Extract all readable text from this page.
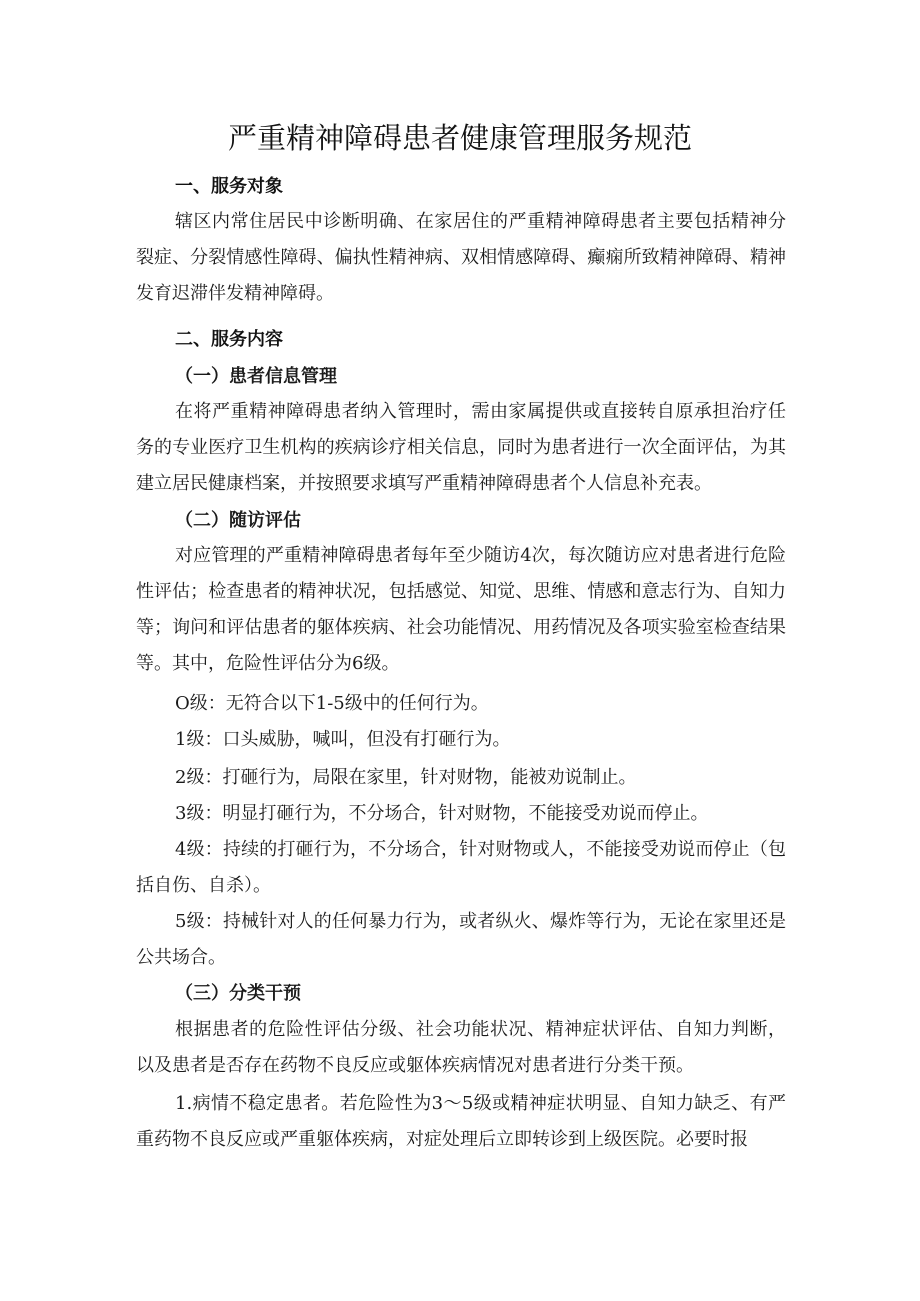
严重精神障碍患者健康管理服务规范
一、服务对象

辖区内常住居民中诊断明确、在家居住的严重精神障碍患者主要包括精神分裂症、分裂情感性障碍、偏执性精神病、双相情感障碍、癫痫所致精神障碍、精神发育迟滞伴发精神障碍。

二、服务内容
（一）患者信息管理

在将严重精神障碍患者纳入管理时，需由家属提供或直接转自原承担治疗任务的专业医疗卫生机构的疾病诊疗相关信息，同时为患者进行一次全面评估，为其建立居民健康档案，并按照要求填写严重精神障碍患者个人信息补充表。

（二）随访评估

对应管理的严重精神障碍患者每年至少随访4次，每次随访应对患者进行危险性评估；检查患者的精神状况，包括感觉、知觉、思维、情感和意志行为、自知力等；询问和评估患者的躯体疾病、社会功能情况、用药情况及各项实验室检查结果等。其中，危险性评估分为6级。

O级：无符合以下1-5级中的任何行为。

1级：口头威胁，喊叫，但没有打砸行为。

2级：打砸行为，局限在家里，针对财物，能被劝说制止。

3级：明显打砸行为，不分场合，针对财物，不能接受劝说而停止。

4级：持续的打砸行为，不分场合，针对财物或人，不能接受劝说而停止（包括自伤、自杀）。

5级：持械针对人的任何暴力行为，或者纵火、爆炸等行为，无论在家里还是公共场合。

（三）分类干预

根据患者的危险性评估分级、社会功能状况、精神症状评估、自知力判断，以及患者是否存在药物不良反应或躯体疾病情况对患者进行分类干预。

1.病情不稳定患者。若危险性为3～5级或精神症状明显、自知力缺乏、有严重药物不良反应或严重躯体疾病，对症处理后立即转诊到上级医院。必要时报
